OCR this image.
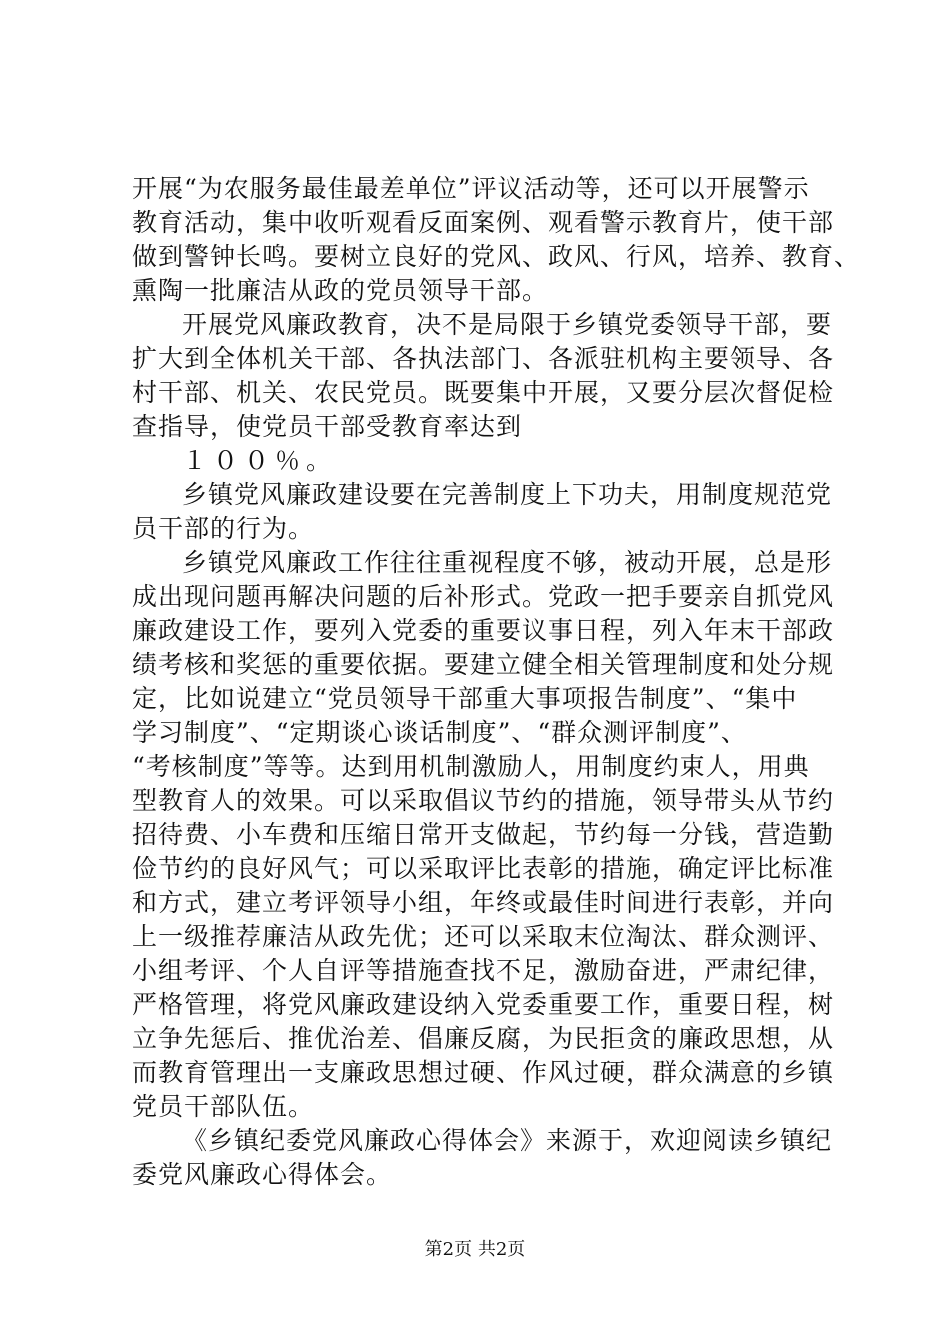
开展“为农服务最佳最差单位”评议活动等，还可以开展警示
教育活动，集中收听观看反面案例、观看警示教育片，使干部
做到警钟长鸣。要树立良好的党风、政风、行风，培养、教育、
熏陶一批廉洁从政的党员领导干部。
开展党风廉政教育，决不是局限于乡镇党委领导干部，要
扩大到全体机关干部、各执法部门、各派驻机构主要领导、各
村干部、机关、农民党员。既要集中开展，又要分层次督促检
查指导，使党员干部受教育率达到
１００％。
乡镇党风廉政建设要在完善制度上下功夫，用制度规范党
员干部的行为。
乡镇党风廉政工作往往重视程度不够，被动开展，总是形
成出现问题再解决问题的后补形式。党政一把手要亲自抓党风
廉政建设工作，要列入党委的重要议事日程，列入年末干部政
绩考核和奖惩的重要依据。要建立健全相关管理制度和处分规
定，比如说建立“党员领导干部重大事项报告制度”、“集中
学习制度”、“定期谈心谈话制度”、“群众测评制度”、
“考核制度”等等。达到用机制激励人，用制度约束人，用典
型教育人的效果。可以采取倡议节约的措施，领导带头从节约
招待费、小车费和压缩日常开支做起，节约每一分钱，营造勤
俭节约的良好风气；可以采取评比表彰的措施，确定评比标准
和方式，建立考评领导小组，年终或最佳时间进行表彰，并向
上一级推荐廉洁从政先优；还可以采取末位淘汰、群众测评、
小组考评、个人自评等措施查找不足，激励奋进，严肃纪律，
严格管理，将党风廉政建设纳入党委重要工作，重要日程，树
立争先惩后、推优治差、倡廉反腐，为民拒贪的廉政思想，从
而教育管理出一支廉政思想过硬、作风过硬，群众满意的乡镇
党员干部队伍。
《乡镇纪委党风廉政心得体会》来源于，欢迎阅读乡镇纪
委党风廉政心得体会。
第2页 共2页
